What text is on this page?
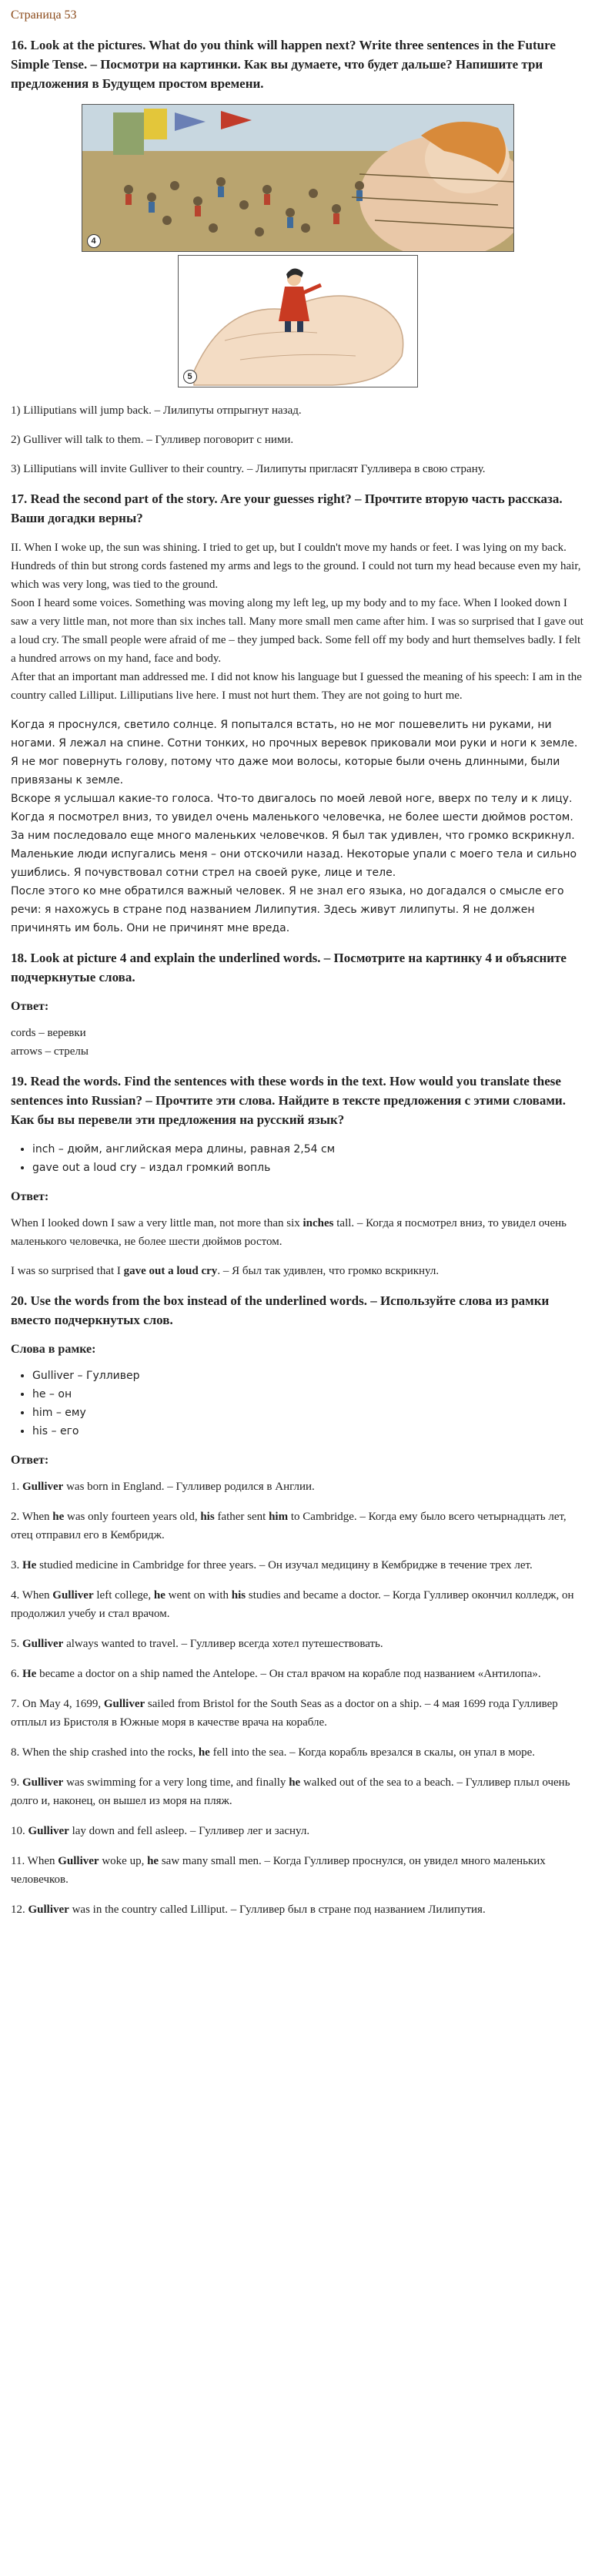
Страница 53
16. Look at the pictures. What do you think will happen next? Write three sentences in the Future Simple Tense. – Посмотри на картинки. Как вы думаете, что будет дальше? Напишите три предложения в Будущем простом времени.
4
5

1) Lilliputians will jump back. – Лилипуты отпрыгнут назад.

2) Gulliver will talk to them. – Гулливер поговорит с ними.

3) Lilliputians will invite Gulliver to their country. – Лилипуты пригласят Гулливера в свою страну.

17. Read the second part of the story. Are your guesses right? – Прочтите вторую часть рассказа. Ваши догадки верны?

II. When I woke up, the sun was shining. I tried to get up, but I couldn't move my hands or feet. I was lying on my back. Hundreds of thin but strong cords fastened my arms and legs to the ground. I could not turn my head because even my hair, which was very long, was tied to the ground.

Soon I heard some voices. Something was moving along my left leg, up my body and to my face. When I looked down I saw a very little man, not more than six inches tall. Many more small men came after him. I was so surprised that I gave out a loud cry. The small people were afraid of me – they jumped back. Some fell off my body and hurt themselves badly. I felt a hundred arrows on my hand, face and body.

After that an important man addressed me. I did not know his language but I guessed the meaning of his speech: I am in the country called Lilliput. Lilliputians live here. I must not hurt them. They are not going to hurt me.

Когда я проснулся, светило солнце. Я попытался встать, но не мог пошевелить ни руками, ни ногами. Я лежал на спине. Сотни тонких, но прочных веревок приковали мои руки и ноги к земле. Я не мог повернуть голову, потому что даже мои волосы, которые были очень длинными, были привязаны к земле.

Вскоре я услышал какие-то голоса. Что-то двигалось по моей левой ноге, вверх по телу и к лицу. Когда я посмотрел вниз, то увидел очень маленького человечка, не более шести дюймов ростом. За ним последовало еще много маленьких человечков. Я был так удивлен, что громко вскрикнул. Маленькие люди испугались меня – они отскочили назад. Некоторые упали с моего тела и сильно ушиблись. Я почувствовал сотни стрел на своей руке, лице и теле.

После этого ко мне обратился важный человек. Я не знал его языка, но догадался о смысле его речи: я нахожусь в стране под названием Лилипутия. Здесь живут лилипуты. Я не должен причинять им боль. Они не причинят мне вреда.

18. Look at picture 4 and explain the underlined words. – Посмотрите на картинку 4 и объясните подчеркнутые слова.
Ответ:

cords – веревки

arrows – стрелы

19. Read the words. Find the sentences with these words in the text. How would you translate these sentences into Russian? – Прочтите эти слова. Найдите в тексте предложения с этими словами. Как бы вы перевели эти предложения на русский язык?
• inch – дюйм, английская мера длины, равная 2,54 см
• gave out a loud cry – издал громкий вопль
Ответ:

When I looked down I saw a very little man, not more than six inches tall. – Когда я посмотрел вниз, то увидел очень маленького человечка, не более шести дюймов ростом.

I was so surprised that I gave out a loud cry. – Я был так удивлен, что громко вскрикнул.

20. Use the words from the box instead of the underlined words. – Используйте слова из рамки вместо подчеркнутых слов.
Слова в рамке:
• Gulliver – Гулливер
• he – он
• him – ему
• his – его
Ответ:

1. Gulliver was born in England. – Гулливер родился в Англии.

2. When he was only fourteen years old, his father sent him to Cambridge. – Когда ему было всего четырнадцать лет, отец отправил его в Кембридж.

3. He studied medicine in Cambridge for three years. – Он изучал медицину в Кембридже в течение трех лет.

4. When Gulliver left college, he went on with his studies and became a doctor. – Когда Гулливер окончил колледж, он продолжил учебу и стал врачом.

5. Gulliver always wanted to travel. – Гулливер всегда хотел путешествовать.

6. He became a doctor on a ship named the Antelope. – Он стал врачом на корабле под названием «Антилопа».

7. On May 4, 1699, Gulliver sailed from Bristol for the South Seas as a doctor on a ship. – 4 мая 1699 года Гулливер отплыл из Бристоля в Южные моря в качестве врача на корабле.

8. When the ship crashed into the rocks, he fell into the sea. – Когда корабль врезался в скалы, он упал в море.

9. Gulliver was swimming for a very long time, and finally he walked out of the sea to a beach. – Гулливер плыл очень долго и, наконец, он вышел из моря на пляж.

10. Gulliver lay down and fell asleep. – Гулливер лег и заснул.

11. When Gulliver woke up, he saw many small men. – Когда Гулливер проснулся, он увидел много маленьких человечков.

12. Gulliver was in the country called Lilliput. – Гулливер был в стране под названием Лилипутия.
